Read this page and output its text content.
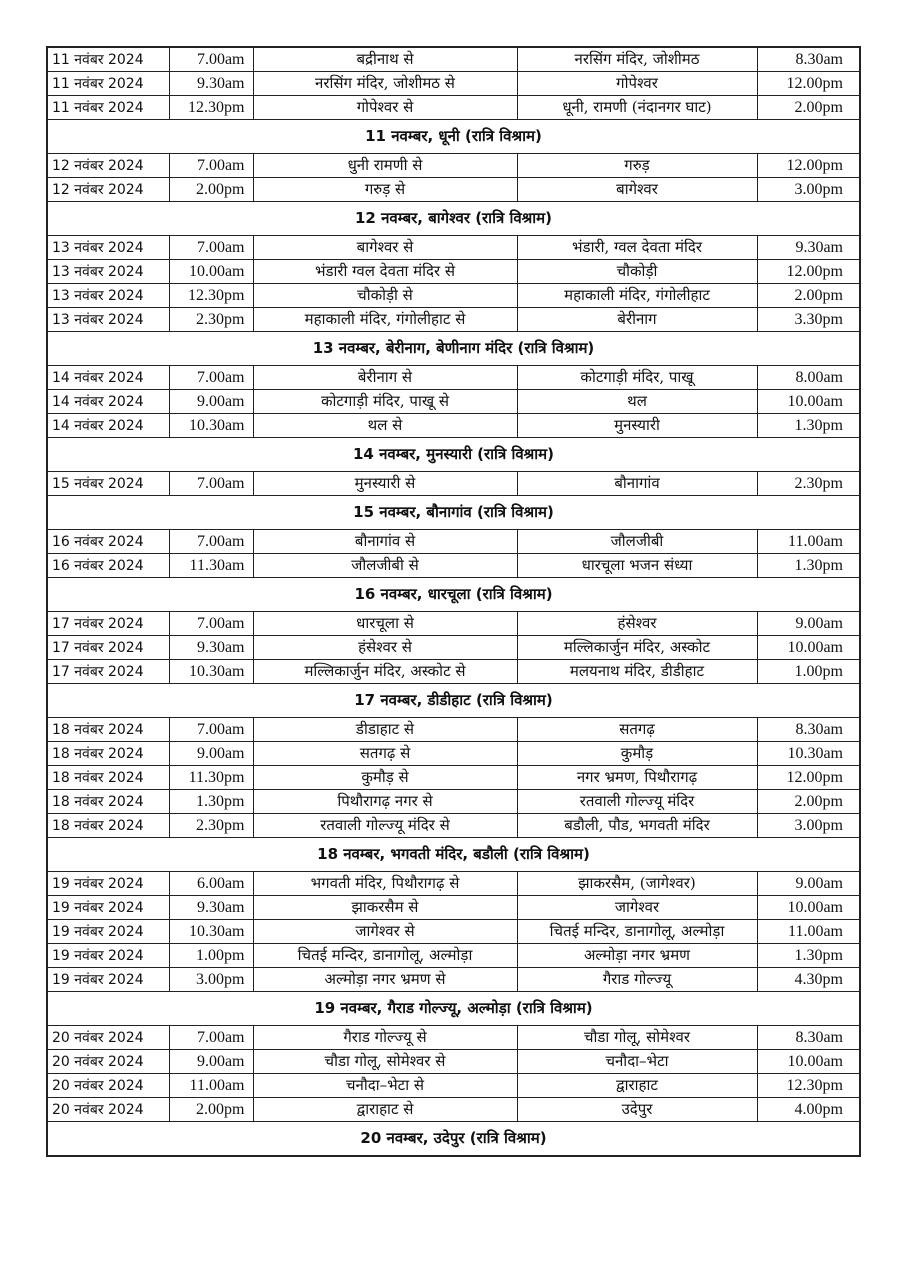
11 नवंबर 2024	7.00am	बद्रीनाथ से	नरसिंग मंदिर, जोशीमठ	8.30am
11 नवंबर 2024	9.30am	नरसिंग मंदिर, जोशीमठ से	गोपेश्वर	12.00pm
11 नवंबर 2024	12.30pm	गोपेश्वर से	धूनी, रामणी (नंदानगर घाट)	2.00pm
11 नवम्बर, धूनी (रात्रि विश्राम)				
12 नवंबर 2024	7.00am	धुनी रामणी से	गरुड़	12.00pm
12 नवंबर 2024	2.00pm	गरुड़ से	बागेश्वर	3.00pm
12 नवम्बर, बागेश्वर (रात्रि विश्राम)				
13 नवंबर 2024	7.00am	बागेश्वर से	भंडारी, ग्वल देवता मंदिर	9.30am
13 नवंबर 2024	10.00am	भंडारी ग्वल देवता मंदिर से	चौकोड़ी	12.00pm
13 नवंबर 2024	12.30pm	चौकोड़ी से	महाकाली मंदिर, गंगोलीहाट	2.00pm
13 नवंबर 2024	2.30pm	महाकाली मंदिर, गंगोलीहाट से	बेरीनाग	3.30pm
13 नवम्बर, बेरीनाग, बेणीनाग मंदिर (रात्रि विश्राम)				
14 नवंबर 2024	7.00am	बेरीनाग से	कोटगाड़ी मंदिर, पाखू	8.00am
14 नवंबर 2024	9.00am	कोटगाड़ी मंदिर, पाखू से	थल	10.00am
14 नवंबर 2024	10.30am	थल से	मुनस्यारी	1.30pm
14 नवम्बर, मुनस्यारी (रात्रि विश्राम)				
15 नवंबर 2024	7.00am	मुनस्यारी से	बौनागांव	2.30pm
15 नवम्बर, बौनागांव (रात्रि विश्राम)				
16 नवंबर 2024	7.00am	बौनागांव से	जौलजीबी	11.00am
16 नवंबर 2024	11.30am	जौलजीबी से	धारचूला भजन संध्या	1.30pm
16 नवम्बर, धारचूला (रात्रि विश्राम)				
17 नवंबर 2024	7.00am	धारचूला से	हंसेश्वर	9.00am
17 नवंबर 2024	9.30am	हंसेश्वर से	मल्लिकार्जुन मंदिर, अस्कोट	10.00am
17 नवंबर 2024	10.30am	मल्लिकार्जुन मंदिर, अस्कोट से	मलयनाथ मंदिर, डीडीहाट	1.00pm
17 नवम्बर, डीडीहाट (रात्रि विश्राम)				
18 नवंबर 2024	7.00am	डीडाहाट से	सतगढ़	8.30am
18 नवंबर 2024	9.00am	सतगढ़ से	कुमौड़	10.30am
18 नवंबर 2024	11.30pm	कुमौड़ से	नगर भ्रमण, पिथौरागढ़	12.00pm
18 नवंबर 2024	1.30pm	पिथौरागढ़ नगर से	रतवाली गोल्ज्यू मंदिर	2.00pm
18 नवंबर 2024	2.30pm	रतवाली गोल्ज्यू मंदिर से	बडौली, पौड, भगवती मंदिर	3.00pm
18 नवम्बर, भगवती मंदिर, बडौली (रात्रि विश्राम)				
19 नवंबर 2024	6.00am	भगवती मंदिर, पिथौरागढ़ से	झाकरसैम, (जागेश्वर)	9.00am
19 नवंबर 2024	9.30am	झाकरसैम से	जागेश्वर	10.00am
19 नवंबर 2024	10.30am	जागेश्वर से	चितई मन्दिर, डानागोलू, अल्मोड़ा	11.00am
19 नवंबर 2024	1.00pm	चितई मन्दिर, डानागोलू, अल्मोड़ा	अल्मोड़ा नगर भ्रमण	1.30pm
19 नवंबर 2024	3.00pm	अल्मोड़ा नगर भ्रमण से	गैराड गोल्ज्यू	4.30pm
19 नवम्बर, गैराड गोल्ज्यू, अल्मोड़ा (रात्रि विश्राम)				
20 नवंबर 2024	7.00am	गैराड गोल्ज्यू से	चौडा गोलू, सोमेश्वर	8.30am
20 नवंबर 2024	9.00am	चौडा गोलू, सोमेश्वर से	चनौदा–भेटा	10.00am
20 नवंबर 2024	11.00am	चनौदा–भेटा से	द्वाराहाट	12.30pm
20 नवंबर 2024	2.00pm	द्वाराहाट से	उदेपुर	4.00pm
20 नवम्बर, उदेपुर (रात्रि विश्राम)				
